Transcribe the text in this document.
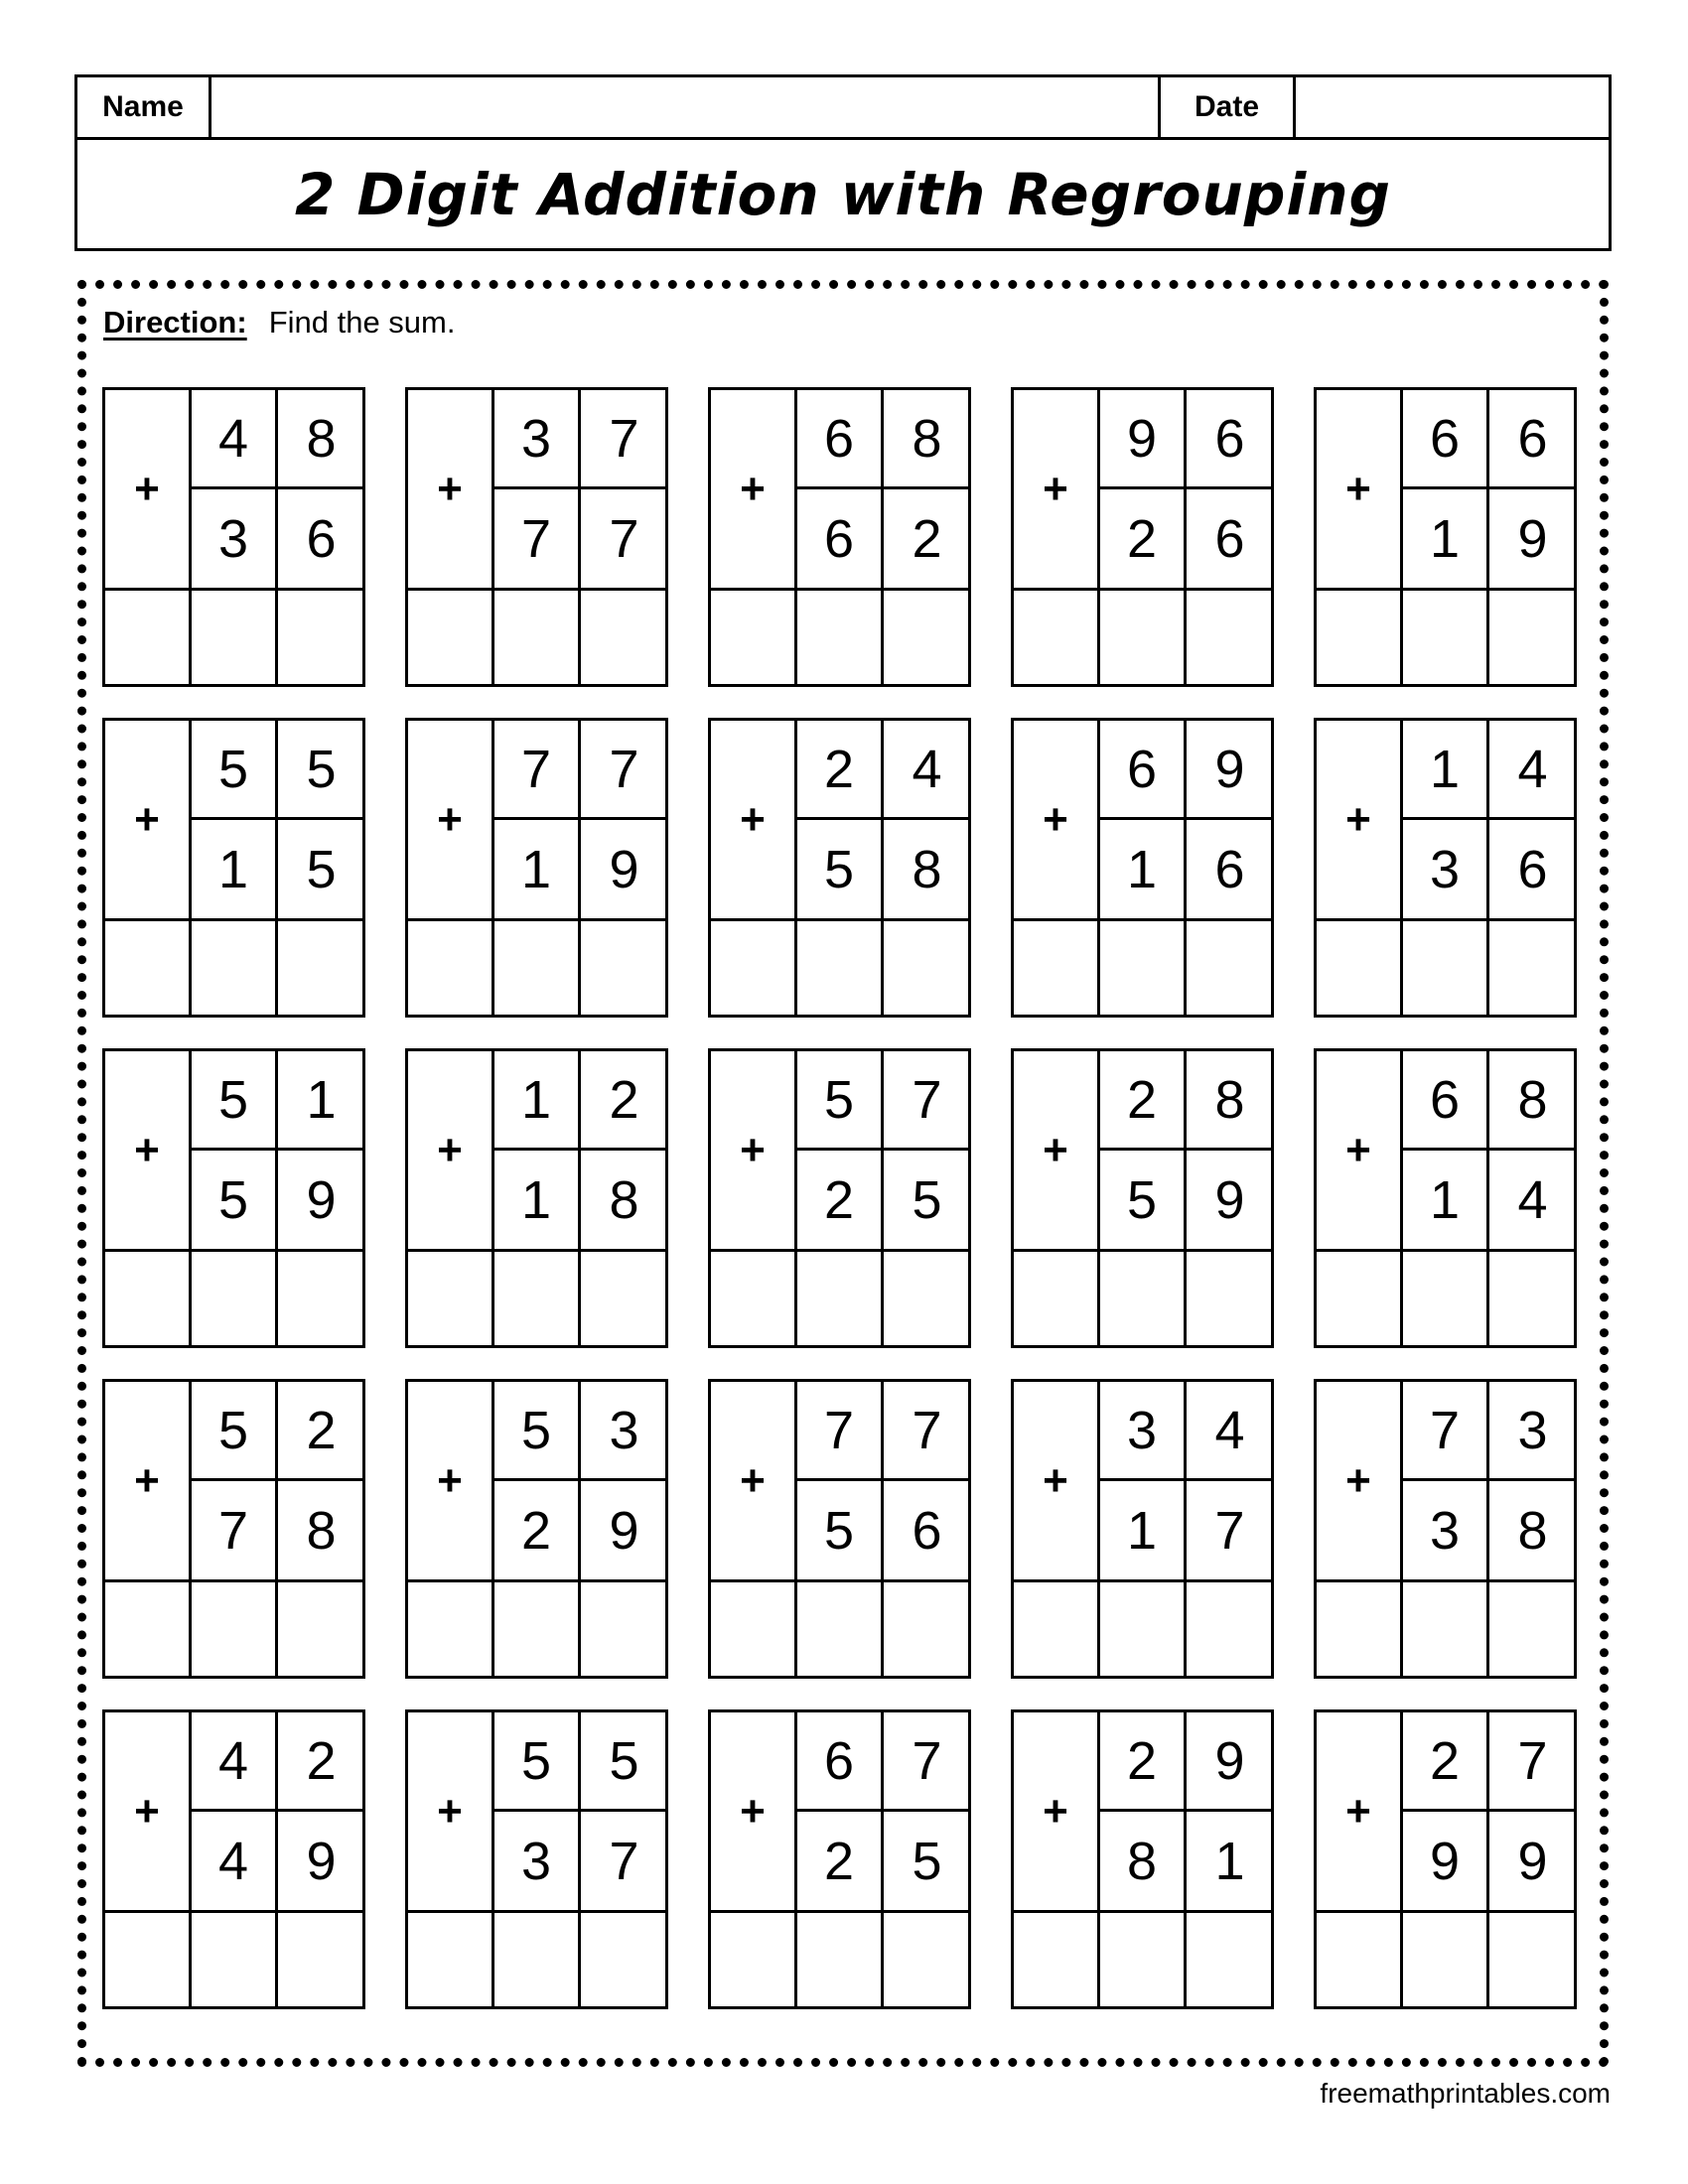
Name	Date
2 Digit Addition with Regrouping
Direction: Find the sum.
+
4	8
3	6
+
3	7
7	7
+
6	8
6	2
+
9	6
2	6
+
6	6
1	9
+
5	5
1	5
+
7	7
1	9
+
2	4
5	8
+
6	9
1	6
+
1	4
3	6
+
5	1
5	9
+
1	2
1	8
+
5	7
2	5
+
2	8
5	9
+
6	8
1	4
+
5	2
7	8
+
5	3
2	9
+
7	7
5	6
+
3	4
1	7
+
7	3
3	8
+
4	2
4	9
+
5	5
3	7
+
6	7
2	5
+
2	9
8	1
+
2	7
9	9
freemathprintables.com
